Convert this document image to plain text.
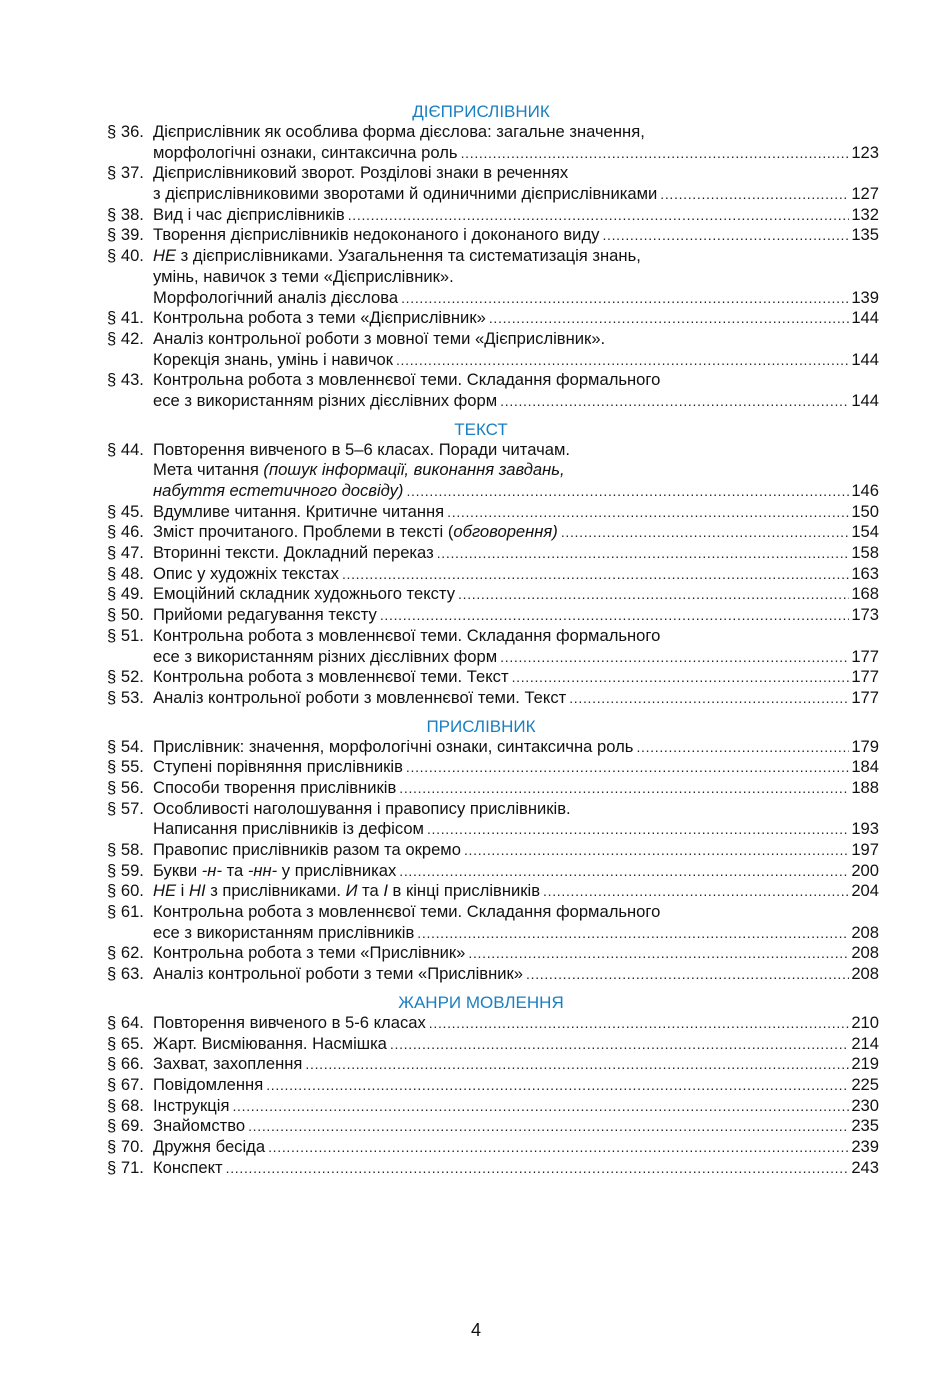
ДІЄПРИСЛІВНИК
§ 36. Дієприслівник як особлива форма дієслова: загальне значення,
морфологічні ознаки, синтаксична роль . . .	123
§ 37. Дієприслівниковий зворот. Розділові знаки в реченнях
з дієприслівниковими зворотами й одиничними дієприслівниками . . .	127
§ 38. Вид і час дієприслівників . . .	132
§ 39. Творення дієприслівників недоконаного і доконаного виду . . .	135
§ 40. НЕ з дієприслівниками. Узагальнення та систематизація знань,
умінь, навичок з теми «Дієприслівник».
Морфологічний аналіз дієслова . . .	139
§ 41. Контрольна робота з теми «Дієприслівник» . . .	144
§ 42. Аналіз контрольної роботи з мовної теми «Дієприслівник».
Корекція знань, умінь і навичок . . .	144
§ 43. Контрольна робота з мовленнєвої теми. Складання формального
есе з використанням різних дієслівних форм . . .	144
ТЕКСТ
§ 44. Повторення вивченого в 5–6 класах. Поради читачам.
Мета читання (пошук інформації, виконання завдань,
набуття естетичного досвіду) . . .	146
§ 45. Вдумливе читання. Критичне читання . . .	150
§ 46. Зміст прочитаного. Проблеми в тексті (обговорення) . . .	154
§ 47. Вторинні тексти. Докладний переказ . . .	158
§ 48. Опис у художніх текстах . . .	163
§ 49. Емоційний складник художнього тексту . . .	168
§ 50. Прийоми редагування тексту . . .	173
§ 51. Контрольна робота з мовленнєвої теми. Складання формального
есе з використанням різних дієслівних форм . . .	177
§ 52. Контрольна робота з мовленнєвої теми. Текст . . .	177
§ 53. Аналіз контрольної роботи з мовленнєвої теми. Текст . . .	177
ПРИСЛІВНИК
§ 54. Прислівник: значення, морфологічні ознаки, синтаксична роль . . .	179
§ 55. Ступені порівняння прислівників . . .	184
§ 56. Способи творення прислівників . . .	188
§ 57. Особливості наголошування і правопису прислівників.
Написання прислівників із дефісом . . .	193
§ 58. Правопис прислівників разом та окремо . . .	197
§ 59. Букви -н- та -нн- у прислівниках . . .	200
§ 60. НЕ і НІ з прислівниками. И та І в кінці прислівників . . .	204
§ 61. Контрольна робота з мовленнєвої теми. Складання формального
есе з використанням прислівників . . .	208
§ 62. Контрольна робота з теми «Прислівник» . . .	208
§ 63. Аналіз контрольної роботи з теми «Прислівник» . . .	208
ЖАНРИ МОВЛЕННЯ
§ 64. Повторення вивченого в 5-6 класах . . .	210
§ 65. Жарт. Висміювання. Насмішка . . .	214
§ 66. Захват, захоплення . . .	219
§ 67. Повідомлення . . .	225
§ 68. Інструкція . . .	230
§ 69. Знайомство . . .	235
§ 70. Дружня бесіда . . .	239
§ 71. Конспект . . .	243
4
